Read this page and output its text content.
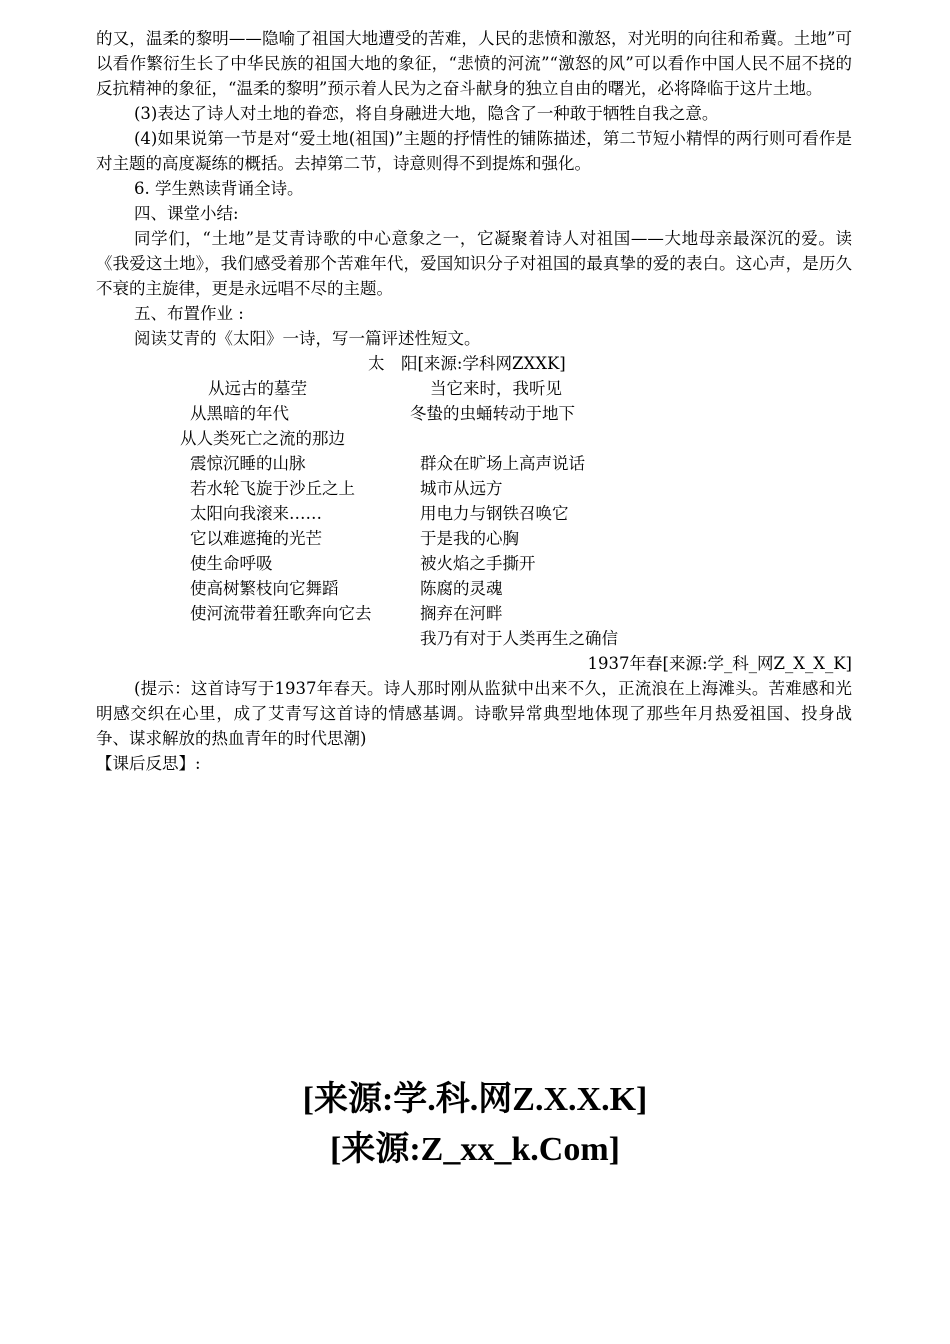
的又，温柔的黎明——隐喻了祖国大地遭受的苦难，人民的悲愤和激怒，对光明的向往和希冀。土地”可以看作繁衍生长了中华民族的祖国大地的象征，“悲愤的河流”“激怒的风”可以看作中国人民不屈不挠的反抗精神的象征，“温柔的黎明”预示着人民为之奋斗献身的独立自由的曙光，必将降临于这片土地。

(3)表达了诗人对土地的眷恋，将自身融进大地，隐含了一种敢于牺牲自我之意。

(4)如果说第一节是对“爱土地(祖国)”主题的抒情性的铺陈描述，第二节短小精悍的两行则可看作是对主题的高度凝练的概括。去掉第二节，诗意则得不到提炼和强化。

6. 学生熟读背诵全诗。

四、课堂小结:

同学们，“土地”是艾青诗歌的中心意象之一，它凝聚着诗人对祖国——大地母亲最深沉的爱。读《我爱这土地》，我们感受着那个苦难年代，爱国知识分子对祖国的最真挚的爱的表白。这心声，是历久不衰的主旋律，更是永远唱不尽的主题。

五、布置作业 :

阅读艾青的《太阳》一诗，写一篇评述性短文。

太　阳[来源:学科网ZXXK]

从远古的墓茔
从黑暗的年代
从人类死亡之流的那边
震惊沉睡的山脉
若水轮飞旋于沙丘之上
太阳向我滚来……
它以难遮掩的光芒
使生命呼吸
使高树繁枝向它舞蹈
使河流带着狂歌奔向它去
当它来时，我听见
冬蛰的虫蛹转动于地下
群众在旷场上高声说话
城市从远方
用电力与钢铁召唤它
于是我的心胸
被火焰之手撕开
陈腐的灵魂
搁弃在河畔

我乃有对于人类再生之确信

1937年春[来源:学_科_网Z_X_X_K]

(提示：这首诗写于1937年春天。诗人那时刚从监狱中出来不久，正流浪在上海滩头。苦难感和光明感交织在心里，成了艾青写这首诗的情感基调。诗歌异常典型地体现了那些年月热爱祖国、投身战争、谋求解放的热血青年的时代思潮)

【课后反思】:

[来源:学.科.网Z.X.X.K]
[来源:Z_xx_k.Com]
